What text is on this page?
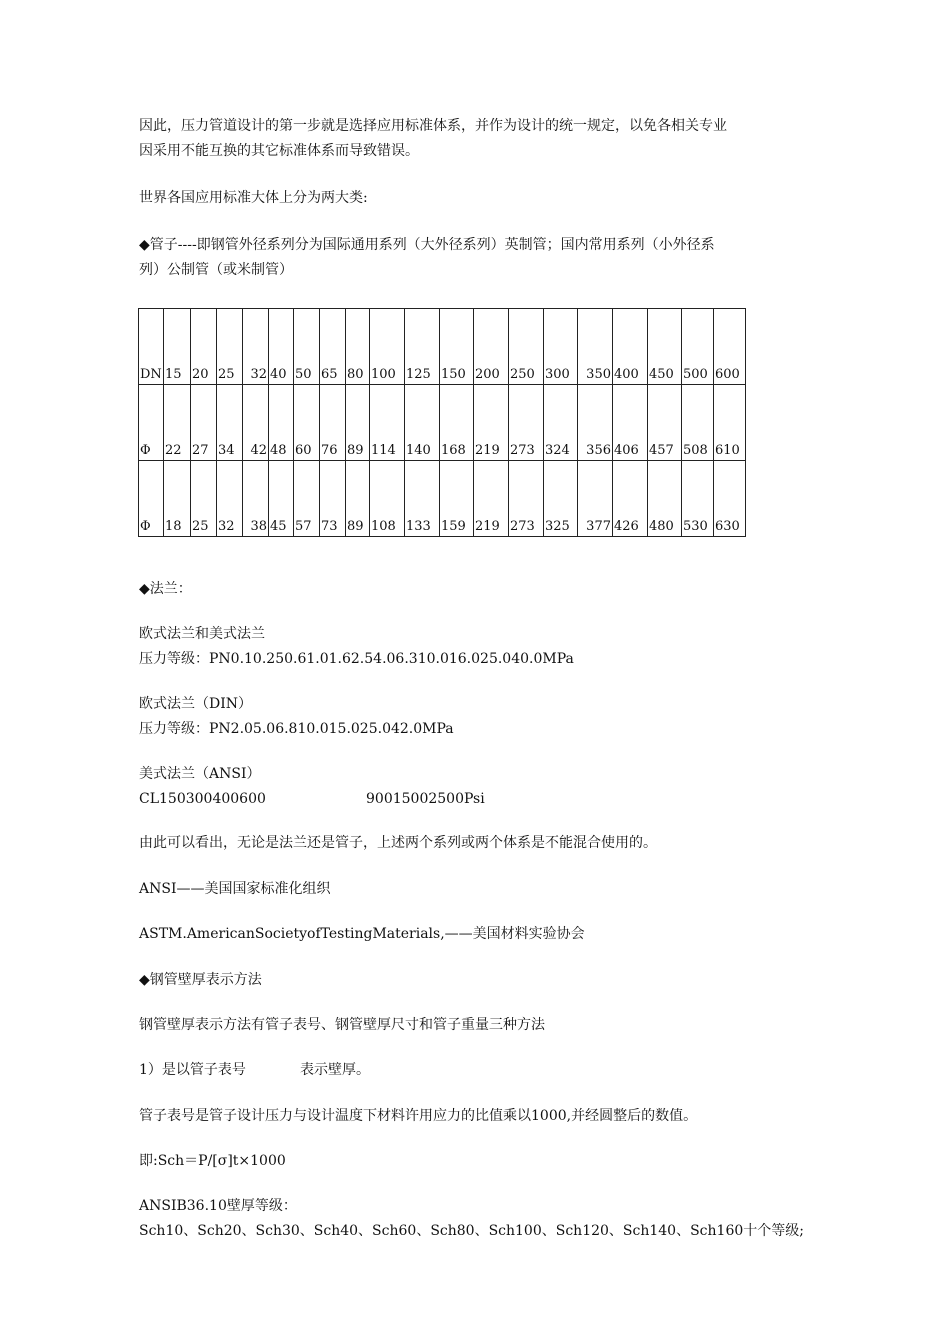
因此，压力管道设计的第一步就是选择应用标准体系，并作为设计的统一规定，以免各相关专业
因采用不能互换的其它标准体系而导致错误。
世界各国应用标准大体上分为两大类:
◆管子----即钢管外径系列分为国际通用系列（大外径系列）英制管；国内常用系列（小外径系
列）公制管（或米制管）
DN	15	20	25	32	40	50	65	80	100	125	150	200	250	300	350	400	450	500	600
Φ	22	27	34	42	48	60	76	89	114	140	168	219	273	324	356	406	457	508	610
Φ	18	25	32	38	45	57	73	89	108	133	159	219	273	325	377	426	480	530	630
◆法兰：
欧式法兰和美式法兰
压力等级：PN0.10.250.61.01.62.54.06.310.016.025.040.0MPa
欧式法兰（DIN）
压力等级：PN2.05.06.810.015.025.042.0MPa
美式法兰（ANSI）
CL150300400600	90015002500Psi
由此可以看出，无论是法兰还是管子，上述两个系列或两个体系是不能混合使用的。
ANSI——美国国家标准化组织
ASTM.AmericanSocietyofTestingMaterials,——美国材料实验协会
◆钢管壁厚表示方法
钢管壁厚表示方法有管子表号、钢管壁厚尺寸和管子重量三种方法
1）是以管子表号	表示壁厚。
管子表号是管子设计压力与设计温度下材料许用应力的比值乘以1000,并经圆整后的数值。
即:Sch＝P/[σ]t×1000
ANSIB36.10壁厚等级：
Sch10、Sch20、Sch30、Sch40、Sch60、Sch80、Sch100、Sch120、Sch140、Sch160十个等级;
